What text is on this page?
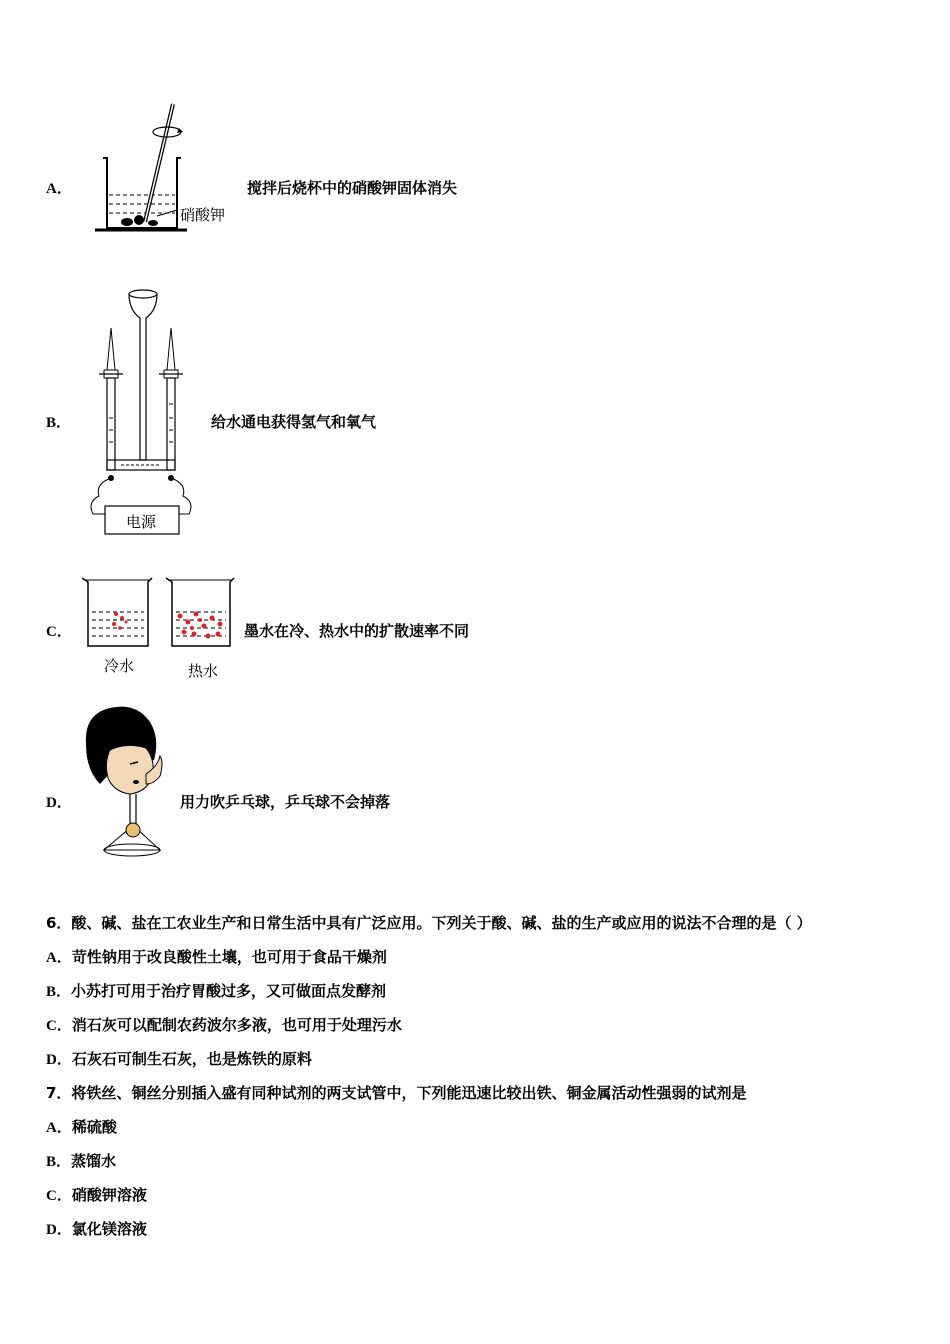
A．
硝酸钾
搅拌后烧杯中的硝酸钾固体消失
B．
电源
给水通电获得氢气和氧气
C．
冷水	热水
墨水在冷、热水中的扩散速率不同
D．	用力吹乒乓球，乒乓球不会掉落
6．酸、碱、盐在工农业生产和日常生活中具有广泛应用。下列关于酸、碱、盐的生产或应用的说法不合理的是（ ）
A．苛性钠用于改良酸性土壤，也可用于食品干燥剂
B．小苏打可用于治疗胃酸过多，又可做面点发酵剂
C．消石灰可以配制农药波尔多液，也可用于处理污水
D．石灰石可制生石灰，也是炼铁的原料
7．将铁丝、铜丝分别插入盛有同种试剂的两支试管中，下列能迅速比较出铁、铜金属活动性强弱的试剂是
A．稀硫酸
B．蒸馏水
C．硝酸钾溶液
D．氯化镁溶液
